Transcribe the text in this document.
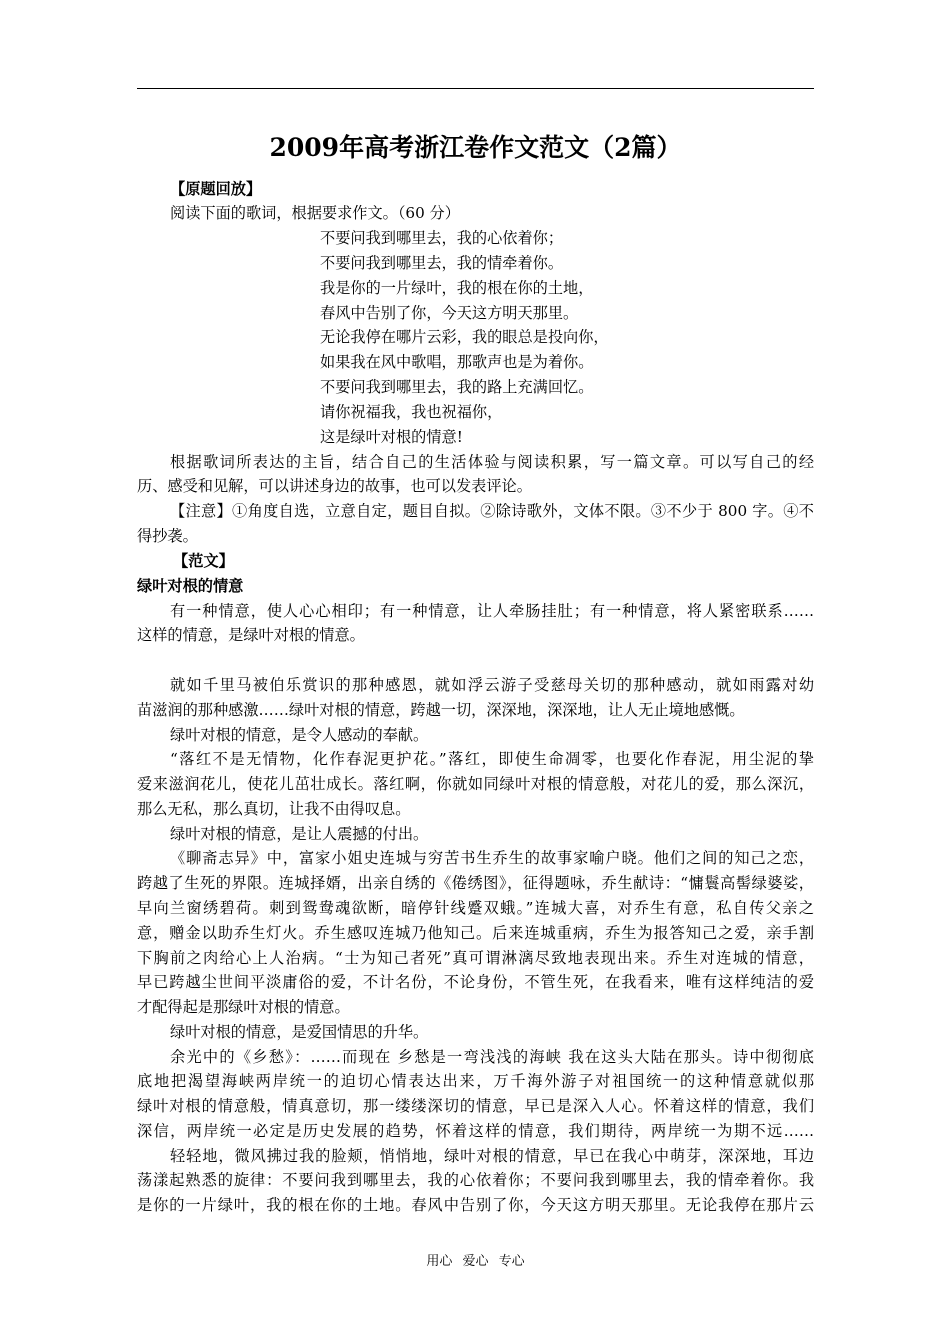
2009年高考浙江卷作文范文（2篇）
【原题回放】
阅读下面的歌词，根据要求作文。（60 分）
不要问我到哪里去，我的心依着你；
不要问我到哪里去，我的情牵着你。
我是你的一片绿叶，我的根在你的土地，
春风中告别了你，今天这方明天那里。
无论我停在哪片云彩，我的眼总是投向你，
如果我在风中歌唱，那歌声也是为着你。
不要问我到哪里去，我的路上充满回忆。
请你祝福我，我也祝福你，
这是绿叶对根的情意!
根据歌词所表达的主旨，结合自己的生活体验与阅读积累，写一篇文章。可以写自己的经
历、感受和见解，可以讲述身边的故事，也可以发表评论。
【注意】①角度自选，立意自定，题目自拟。②除诗歌外，文体不限。③不少于 800 字。④不
得抄袭。
【范文】
绿叶对根的情意
有一种情意，使人心心相印；有一种情意，让人牵肠挂肚；有一种情意，将人紧密联系……
这样的情意，是绿叶对根的情意。
就如千里马被伯乐赏识的那种感恩，就如浮云游子受慈母关切的那种感动，就如雨露对幼
苗滋润的那种感激……绿叶对根的情意，跨越一切，深深地，深深地，让人无止境地感慨。
绿叶对根的情意，是令人感动的奉献。
“落红不是无情物，化作春泥更护花。”落红，即使生命凋零，也要化作春泥，用尘泥的挚
爱来滋润花儿，使花儿茁壮成长。落红啊，你就如同绿叶对根的情意般，对花儿的爱，那么深沉，
那么无私，那么真切，让我不由得叹息。
绿叶对根的情意，是让人震撼的付出。
《聊斋志异》中，富家小姐史连城与穷苦书生乔生的故事家喻户晓。他们之间的知己之恋，
跨越了生死的界限。连城择婿，出亲自绣的《倦绣图》，征得题咏，乔生献诗：“慵鬟高髻绿婆娑，
早向兰窗绣碧荷。刺到鸳鸯魂欲断，暗停针线蹙双蛾。”连城大喜，对乔生有意，私自传父亲之
意，赠金以助乔生灯火。乔生感叹连城乃他知己。后来连城重病，乔生为报答知己之爱，亲手割
下胸前之肉给心上人治病。“士为知己者死”真可谓淋漓尽致地表现出来。乔生对连城的情意，
早已跨越尘世间平淡庸俗的爱，不计名份，不论身份，不管生死，在我看来，唯有这样纯洁的爱
才配得起是那绿叶对根的情意。
绿叶对根的情意，是爱国情思的升华。
余光中的《乡愁》：……而现在 乡愁是一弯浅浅的海峡 我在这头大陆在那头。诗中彻彻底
底地把渴望海峡两岸统一的迫切心情表达出来，万千海外游子对祖国统一的这种情意就似那
绿叶对根的情意般，情真意切，那一缕缕深切的情意，早已是深入人心。怀着这样的情意，我们
深信，两岸统一必定是历史发展的趋势，怀着这样的情意，我们期待，两岸统一为期不远……
轻轻地，微风拂过我的脸颊，悄悄地，绿叶对根的情意，早已在我心中萌芽，深深地，耳边
荡漾起熟悉的旋律：不要问我到哪里去，我的心依着你；不要问我到哪里去，我的情牵着你。我
是你的一片绿叶，我的根在你的土地。春风中告别了你，今天这方明天那里。无论我停在那片云
用心 爱心 专心
